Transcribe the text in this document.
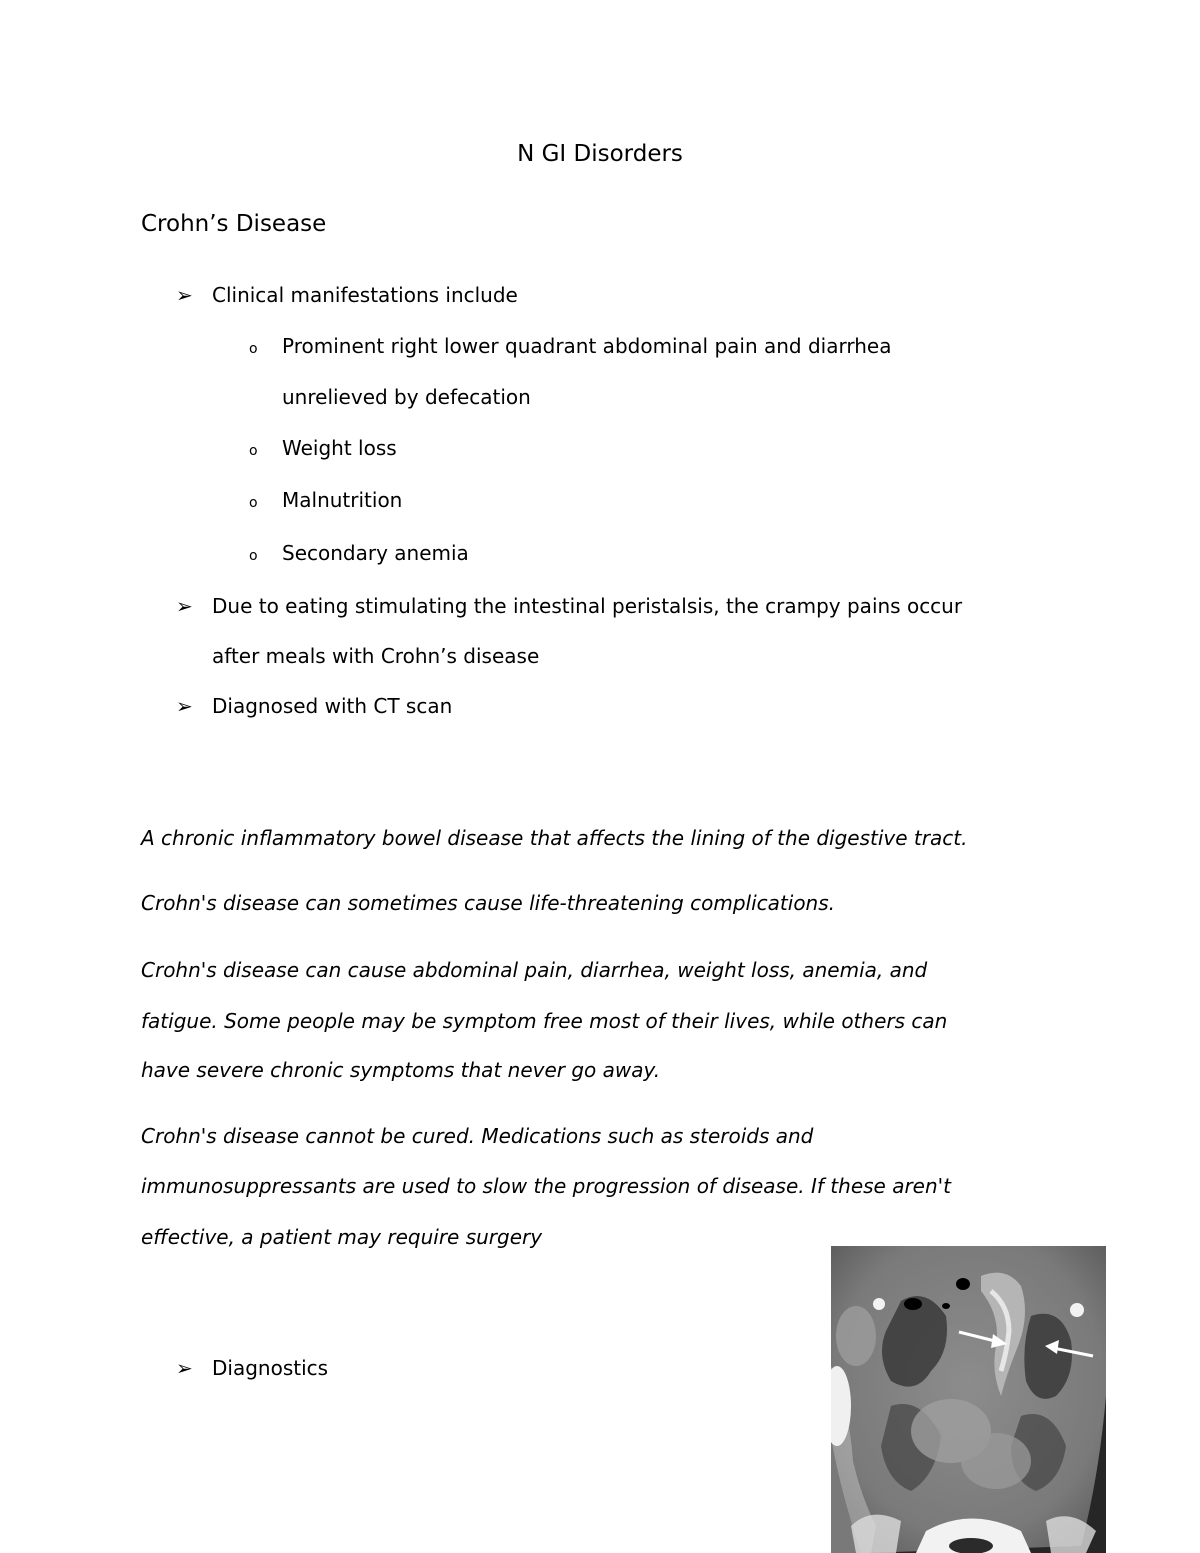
N GI Disorders
Crohn’s Disease
➢ Clinical manifestations include
o Prominent right lower quadrant abdominal pain and diarrhea
unrelieved by defecation
o Weight loss
o Malnutrition
o Secondary anemia
➢ Due to eating stimulating the intestinal peristalsis, the crampy pains occur
after meals with Crohn’s disease
➢ Diagnosed with CT scan
A chronic inflammatory bowel disease that affects the lining of the digestive tract.
Crohn's disease can sometimes cause life-threatening complications.
Crohn's disease can cause abdominal pain, diarrhea, weight loss, anemia, and
fatigue. Some people may be symptom free most of their lives, while others can
have severe chronic symptoms that never go away.
Crohn's disease cannot be cured. Medications such as steroids and
immunosuppressants are used to slow the progression of disease. If these aren't
effective, a patient may require surgery
➢ Diagnostics
